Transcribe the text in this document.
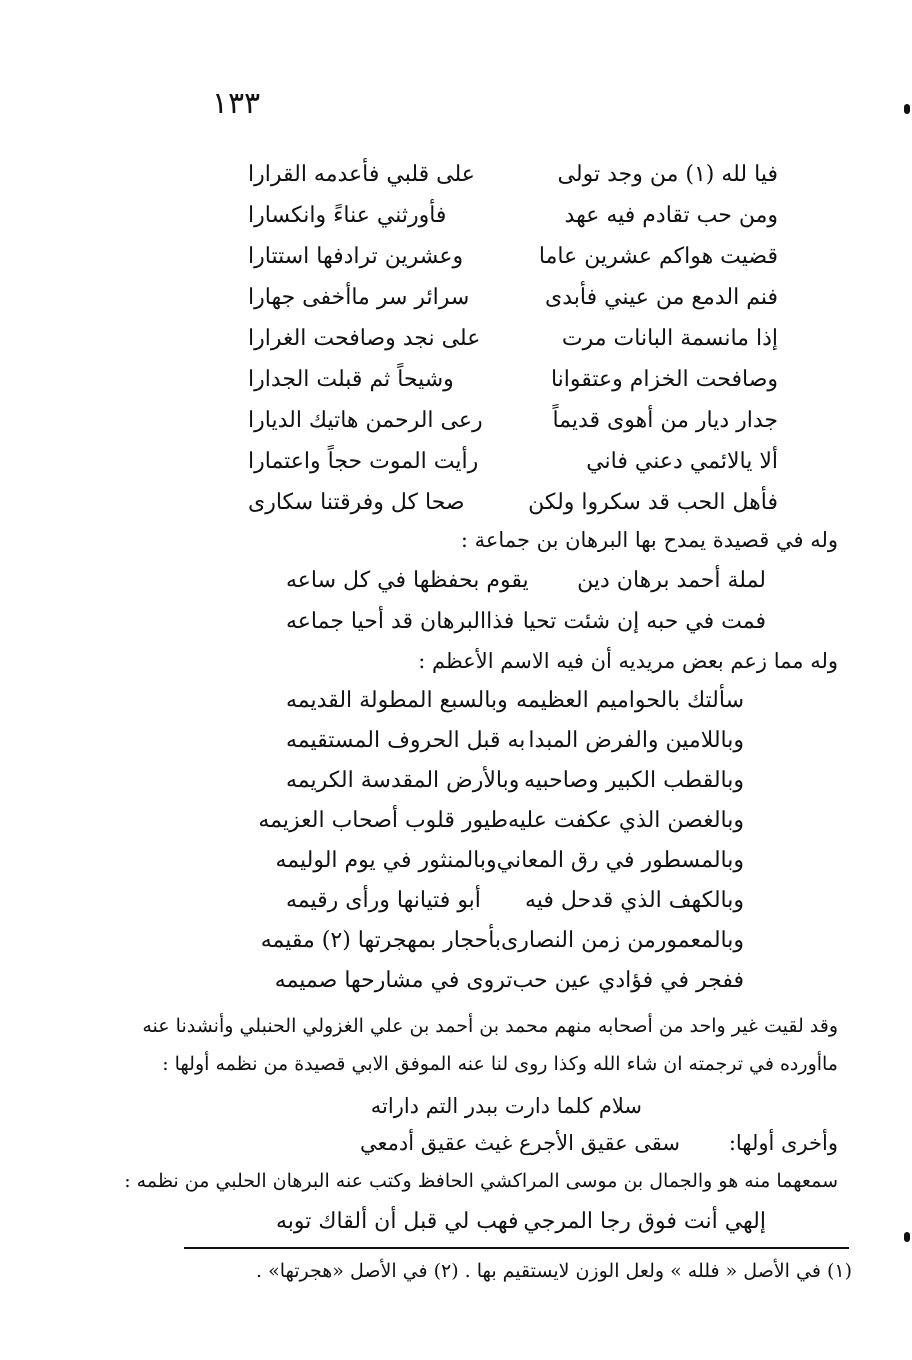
١٣٣
فيا لله (١) من وجد تولى
على قلبي فأعدمه القرارا
ومن حب تقادم فيه عهد
فأورثني عناءً وانكسارا
قضيت هواكم عشرين عاما
وعشرين ترادفها استتارا
فنم الدمع من عيني فأبدى
سرائر سر ماأخفى جهارا
إذا مانسمة البانات مرت
على نجد وصافحت الغرارا
وصافحت الخزام وعتقوانا
وشيحاً ثم قبلت الجدارا
جدار ديار من أهوى قديماً
رعى الرحمن هاتيك الديارا
ألا يالائمي دعني فاني
رأيت الموت حجاً واعتمارا
فأهل الحب قد سكروا ولكن
صحا كل وفرقتنا سكارى
وله في قصيدة يمدح بها البرهان بن جماعة :
لملة أحمد برهان دين
يقوم بحفظها في كل ساعه
فمت في حبه إن شئت تحيا
فذاالبرهان قد أحيا جماعه
وله مما زعم بعض مريديه أن فيه الاسم الأعظم :
سألتك بالحواميم العظيمه
وبالسبع المطولة القديمه
وباللامين والفرض المبدا
به قبل الحروف المستقيمه
وبالقطب الكبير وصاحبيه
وبالأرض المقدسة الكريمه
وبالغصن الذي عكفت عليه
طيور قلوب أصحاب العزيمه
وبالمسطور في رق المعاني
وبالمنثور في يوم الوليمه
وبالكهف الذي قدحل فيه
أبو فتيانها ورأى رقيمه
وبالمعمورمن زمن النصارى
بأحجار بمهجرتها (٢) مقيمه
ففجر في فؤادي عين حب
تروى في مشارحها صميمه
وقد لقيت غير واحد من أصحابه منهم محمد بن أحمد بن علي الغزولي الحنبلي وأنشدنا عنه
ماأورده في ترجمته ان شاء الله وكذا روى لنا عنه الموفق الابي قصيدة من نظمه أولها :
سلام كلما دارت ببدر التم داراته
وأخرى أولها:
سقى عقيق الأجرع غيث عقيق أدمعي
سمعهما منه هو والجمال بن موسى المراكشي الحافظ وكتب عنه البرهان الحلبي من نظمه :
إلهي أنت فوق رجا المرجي
فهب لي قبل أن ألقاك توبه
(١) في الأصل « فلله » ولعل الوزن لايستقيم بها . (٢) في الأصل «هجرتها» .
